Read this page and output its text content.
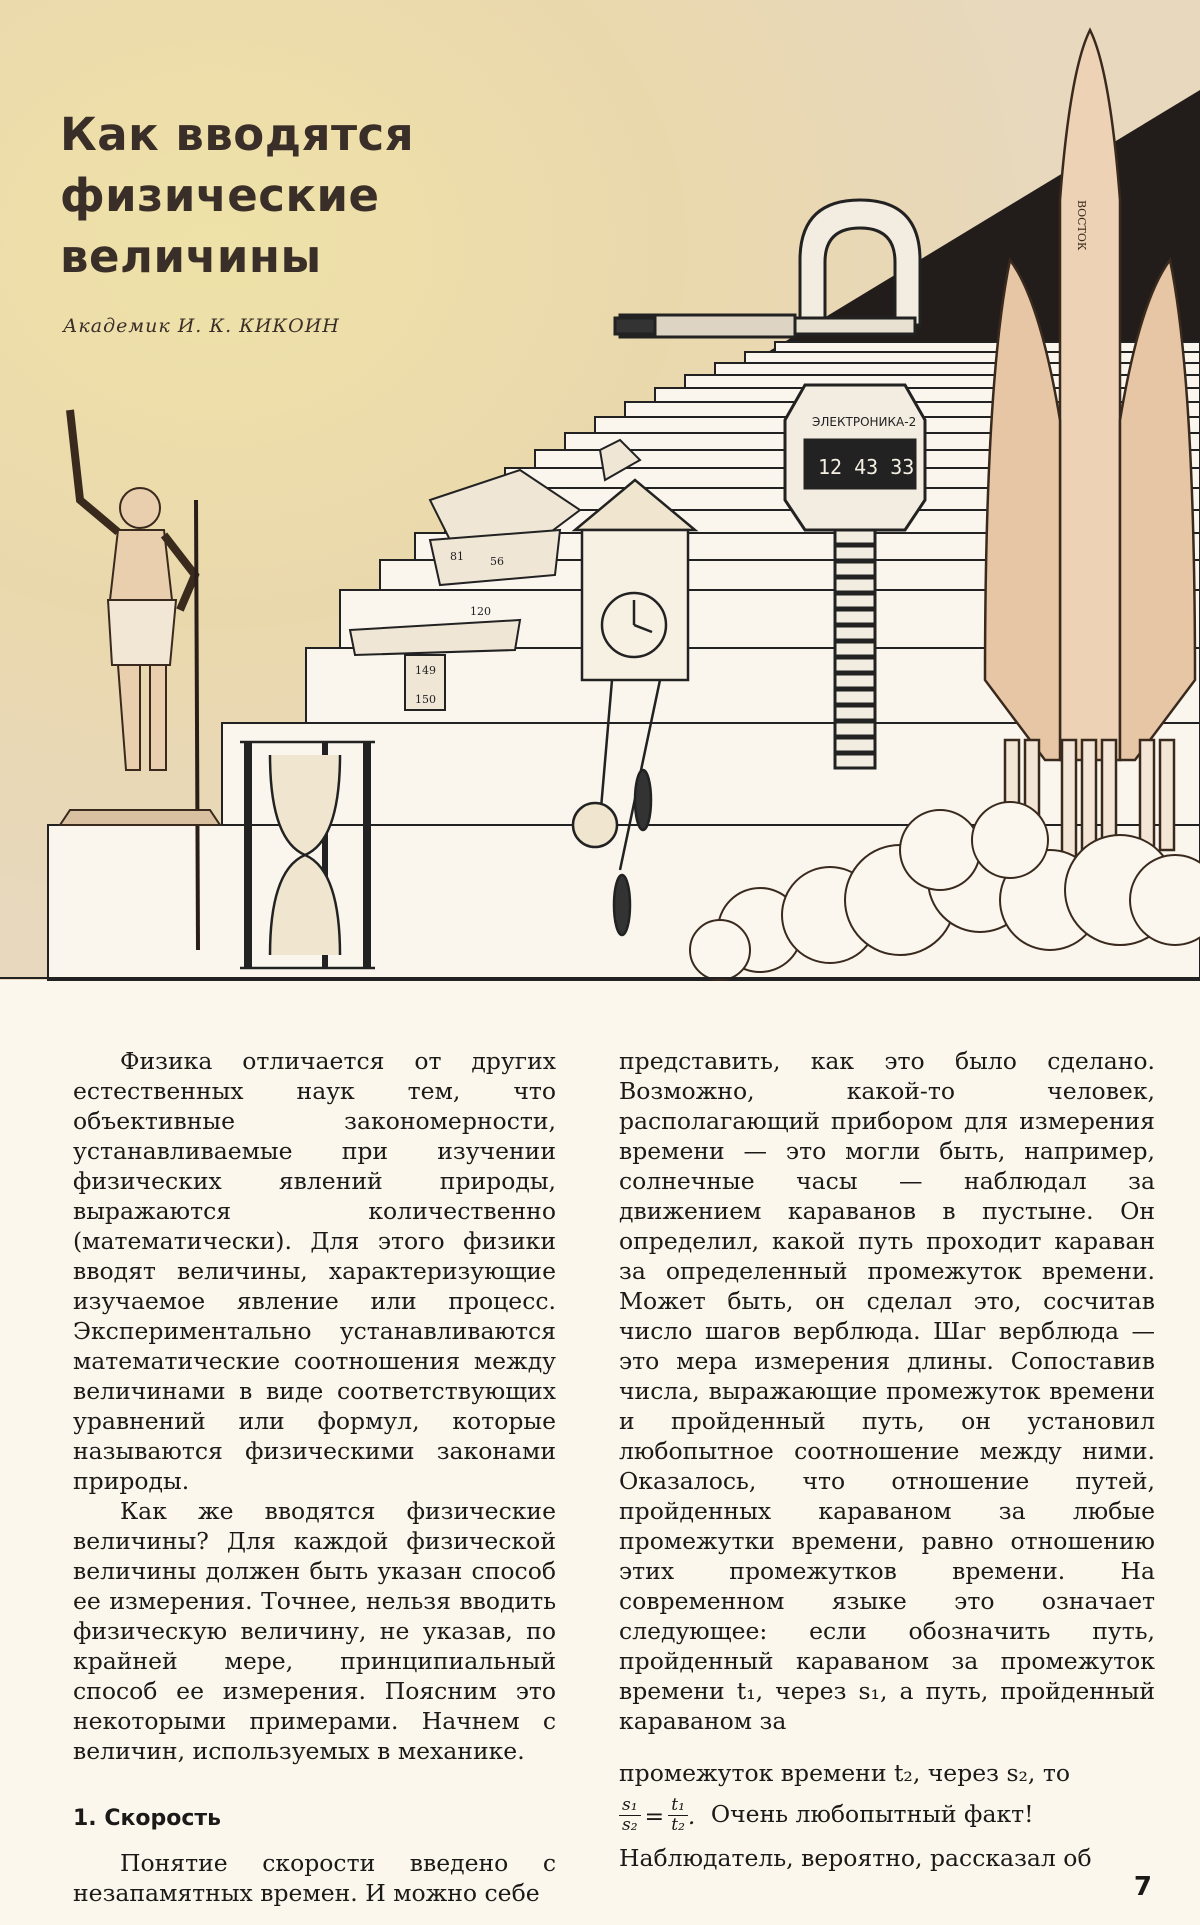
149
150
81 56
120
ЭЛЕКТРОНИКА-2
12 43 33
ВОСТОК
Как вводятся
физические
величины
Академик И. К. КИКОИН

Физика отличается от других естественных наук тем, что объективные закономерности, устанавливаемые при изучении физических явлений природы, выражаются количественно (математически). Для этого физики вводят величины, характеризующие изучаемое явление или процесс. Экспериментально устанавливаются математические соотношения между величинами в виде соответствующих уравнений или формул, которые называются физическими законами природы.

Как же вводятся физические величины? Для каждой физической величины должен быть указан способ ее измерения. Точнее, нельзя вводить физическую величину, не указав, по крайней мере, принципиальный способ ее измерения. Поясним это некоторыми примерами. Начнем с величин, используемых в механике.

1. Скорость

Понятие скорости введено с незапамятных времен. И можно себе

представить, как это было сделано. Возможно, какой-то человек, располагающий прибором для измерения времени — это могли быть, например, солнечные часы — наблюдал за движением караванов в пустыне. Он определил, какой путь проходит караван за определенный промежуток времени. Может быть, он сделал это, сосчитав число шагов верблюда. Шаг верблюда — это мера измерения длины. Сопоставив числа, выражающие промежуток времени и пройденный путь, он установил любопытное соотношение между ними. Оказалось, что отношение путей, пройденных караваном за любые промежутки времени, равно отношению этих промежутков времени. На современном языке это означает следующее: если обозначить путь, пройденный караваном за промежуток времени t₁, через s₁, а путь, пройденный караваном за

промежуток времени t₂, через s₂, то

$\frac{\text{s₁}}{\text{s₂}} = \frac{\text{t₁}}{\text{t₂}}$ . Очень любопытный факт!

Наблюдатель, вероятно, рассказал об

7
